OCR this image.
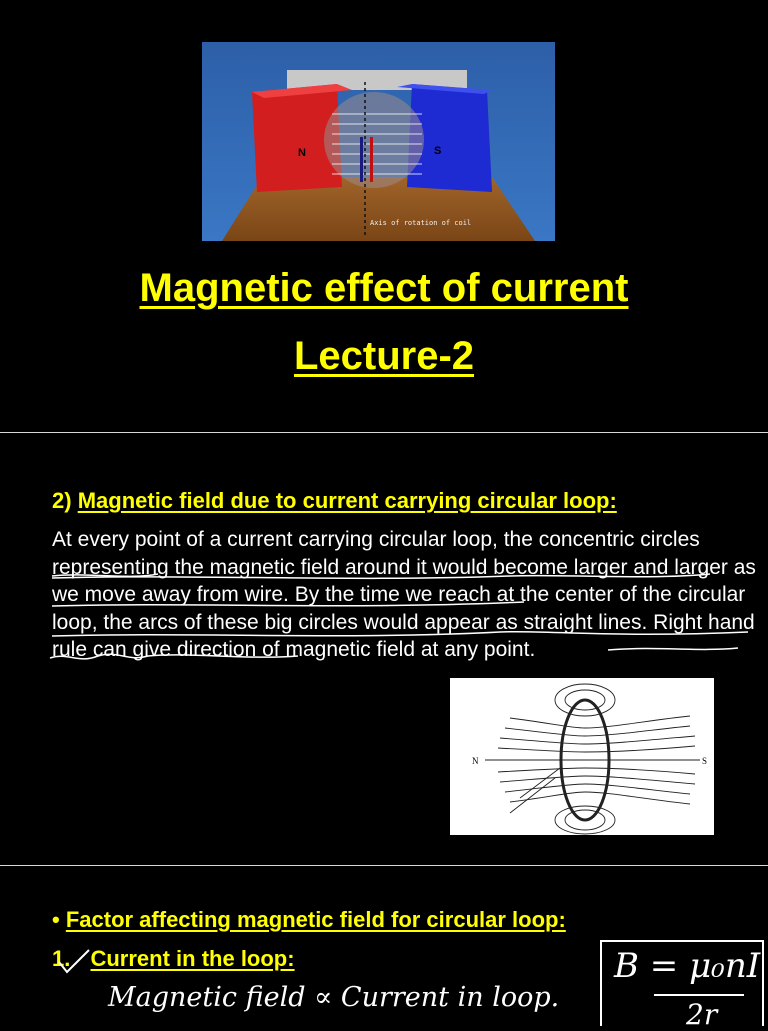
N	S
Axis of rotation of coil
Magnetic effect of current
Lecture-2
2) Magnetic field due to current carrying circular loop:
At every point of a current carrying circular loop, the concentric circles representing the magnetic field around it would become larger and larger as we move away from wire. By the time we reach at the center of the circular loop, the arcs of these big circles would appear as straight lines. Right hand rule can give direction of magnetic field at any point.
N	S
• Factor affecting magnetic field for circular loop:
1. Current in the loop:
Magnetic field ∝ Current in loop.
B = μ₀nI
2r
